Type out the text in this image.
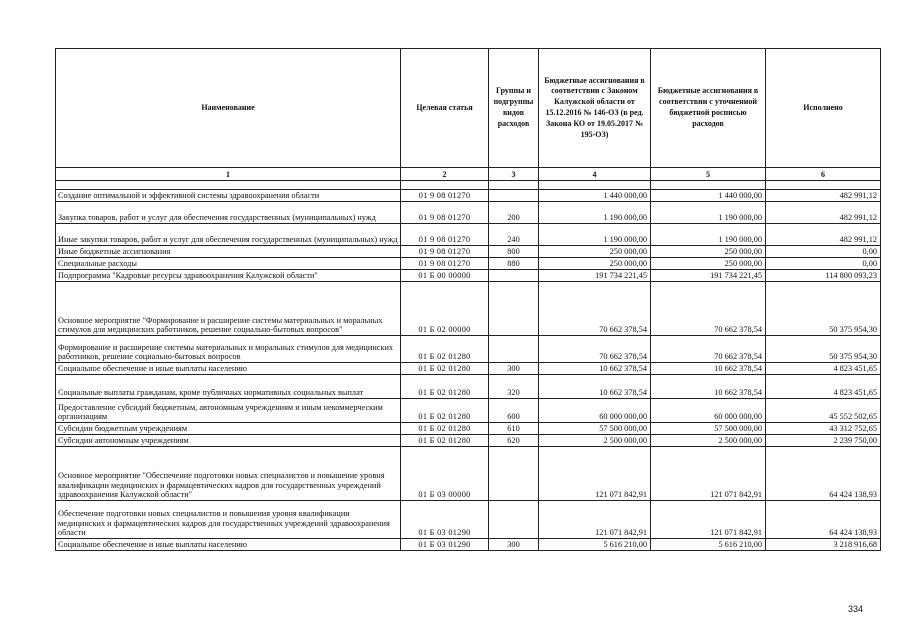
Наименование	Целевая статья	Группы и подгруппы видов расходов	Бюджетные ассигнования в соответствии с Законом Калужской области от 15.12.2016 № 146-ОЗ (в ред. Закона КО от 19.05.2017 № 195-ОЗ)	Бюджетные ассигнования в соответствии с уточненной бюджетной росписью расходов	Исполнено
1	2	3	4	5	6

Создание оптимальной и эффективной системы здравоохранения области	01 9 08 01270		1 440 000,00	1 440 000,00	482 991,12
Закупка товаров, работ и услуг для обеспечения государственных (муниципальных) нужд	01 9 08 01270	200	1 190 000,00	1 190 000,00	482 991,12
Иные закупки товаров, работ и услуг для обеспечения государственных (муниципальных) нужд	01 9 08 01270	240	1 190 000,00	1 190 000,00	482 991,12
Иные бюджетные ассигнования	01 9 08 01270	800	250 000,00	250 000,00	0,00
Специальные расходы	01 9 08 01270	880	250 000,00	250 000,00	0,00
Подпрограмма "Кадровые ресурсы здравоохранения Калужской области"	01 Б 00 00000		191 734 221,45	191 734 221,45	114 800 093,23
Основное мероприятие "Формирование и расширение системы материальных и моральных стимулов для медицинских работников, решение социально-бытовых вопросов"	01 Б 02 00000		70 662 378,54	70 662 378,54	50 375 954,30
Формирование и расширение системы материальных и моральных стимулов для медицинских работников, решение социально-бытовых вопросов	01 Б 02 01280		70 662 378,54	70 662 378,54	50 375 954,30
Социальное обеспечение и иные выплаты населению	01 Б 02 01280	300	10 662 378,54	10 662 378,54	4 823 451,65
Социальные выплаты гражданам, кроме публичных нормативных социальных выплат	01 Б 02 01280	320	10 662 378,54	10 662 378,54	4 823 451,65
Предоставление субсидий бюджетным, автономным учреждениям и иным некоммерческим организациям	01 Б 02 01280	600	60 000 000,00	60 000 000,00	45 552 502,65
Субсидии бюджетным учреждениям	01 Б 02 01280	610	57 500 000,00	57 500 000,00	43 312 752,65
Субсидии автономным учреждениям	01 Б 02 01280	620	2 500 000,00	2 500 000,00	2 239 750,00
Основное мероприятие "Обеспечение подготовки новых специалистов и повышение уровня квалификации медицинских и фармацевтических кадров для государственных учреждений здравоохранения Калужской области"	01 Б 03 00000		121 071 842,91	121 071 842,91	64 424 138,93
Обеспечение подготовки новых специалистов и повышения уровня квалификации медицинских и фармацевтических кадров для государственных учреждений здравоохранения области	01 Б 03 01290		121 071 842,91	121 071 842,91	64 424 138,93
Социальное обеспечение и иные выплаты населению	01 Б 03 01290	300	5 616 210,00	5 616 210,00	3 218 916,68
334
